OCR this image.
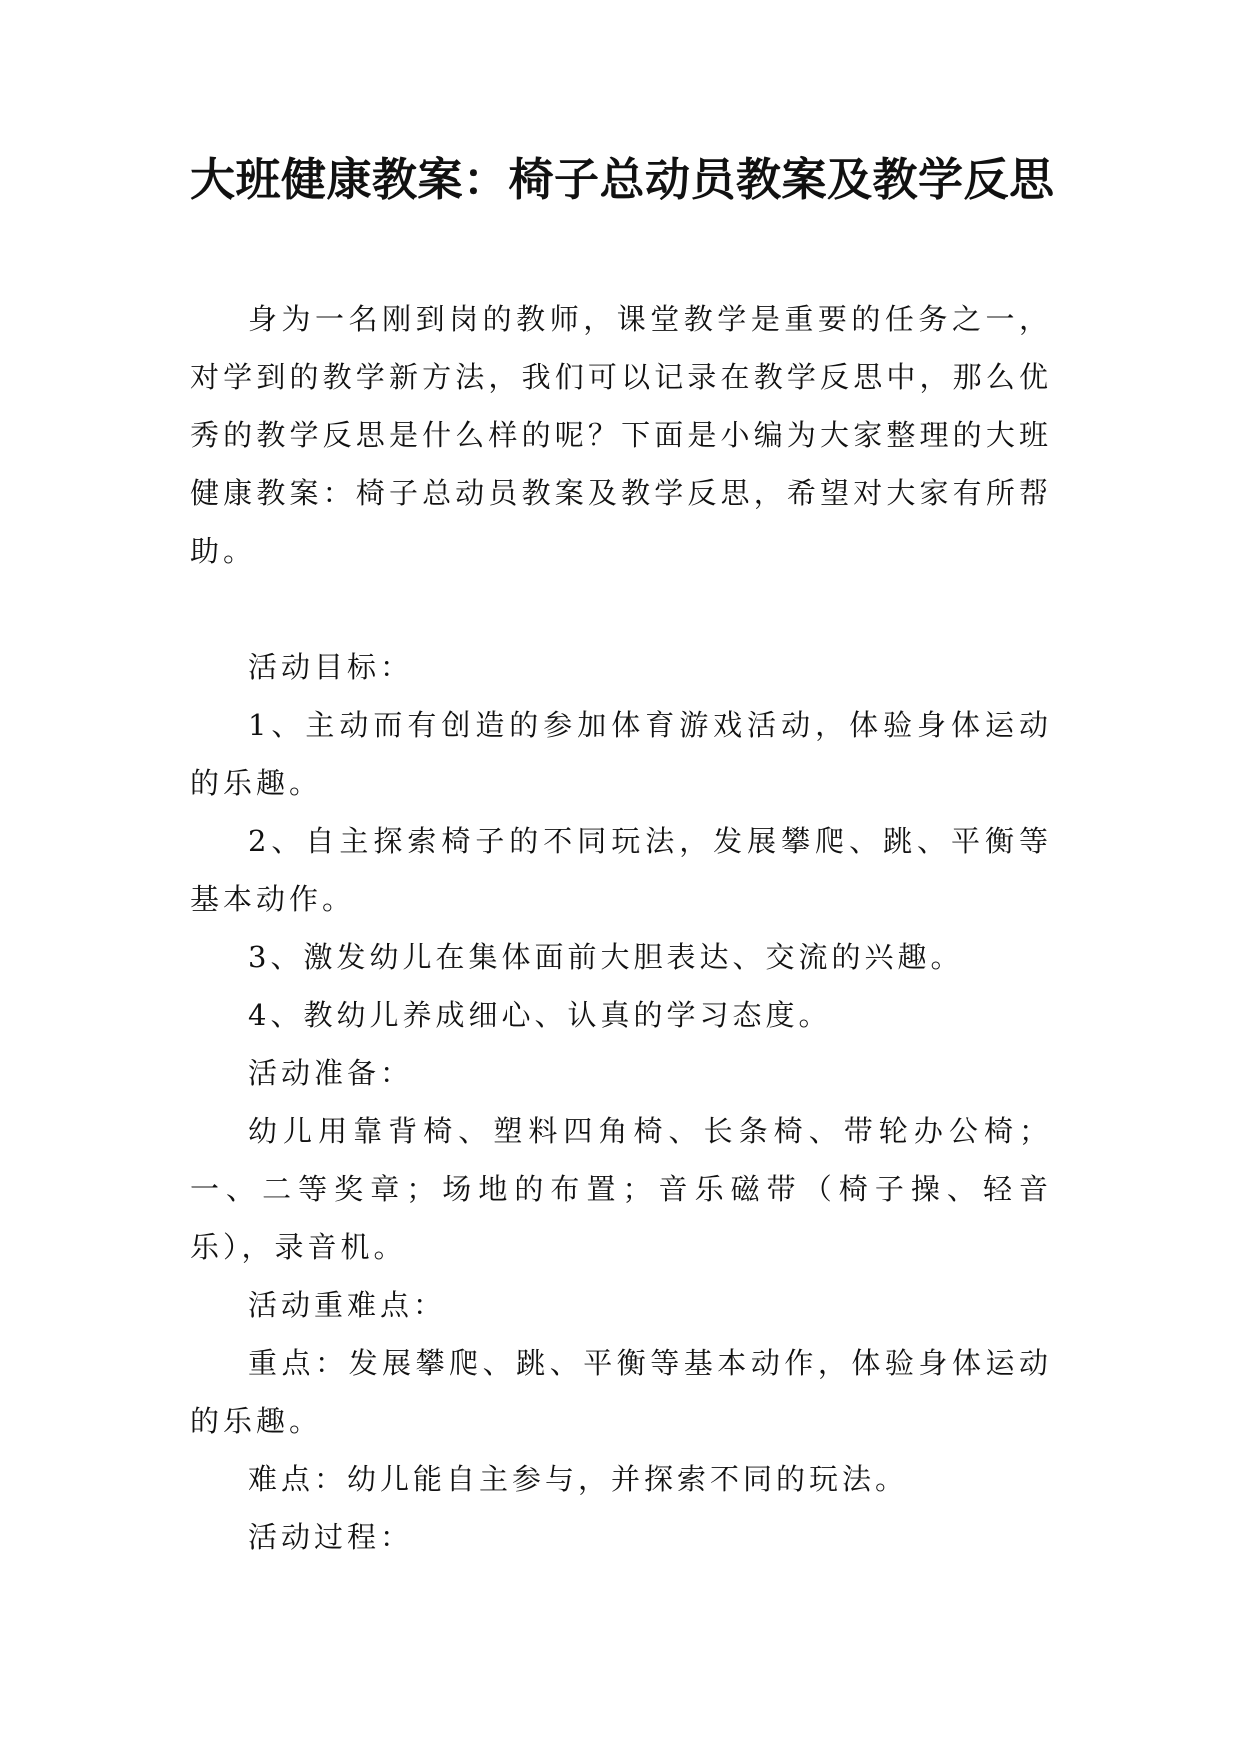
大班健康教案：椅子总动员教案及教学反思

身为一名刚到岗的教师，课堂教学是重要的任务之一，对学到的教学新方法，我们可以记录在教学反思中，那么优秀的教学反思是什么样的呢？下面是小编为大家整理的大班健康教案：椅子总动员教案及教学反思，希望对大家有所帮助。

活动目标：

1、主动而有创造的参加体育游戏活动，体验身体运动的乐趣。

2、自主探索椅子的不同玩法，发展攀爬、跳、平衡等基本动作。

3、激发幼儿在集体面前大胆表达、交流的兴趣。

4、教幼儿养成细心、认真的学习态度。

活动准备：

幼儿用靠背椅、塑料四角椅、长条椅、带轮办公椅；一、二等奖章；场地的布置；音乐磁带（椅子操、轻音乐），录音机。

活动重难点：

重点：发展攀爬、跳、平衡等基本动作，体验身体运动的乐趣。

难点：幼儿能自主参与，并探索不同的玩法。

活动过程：
